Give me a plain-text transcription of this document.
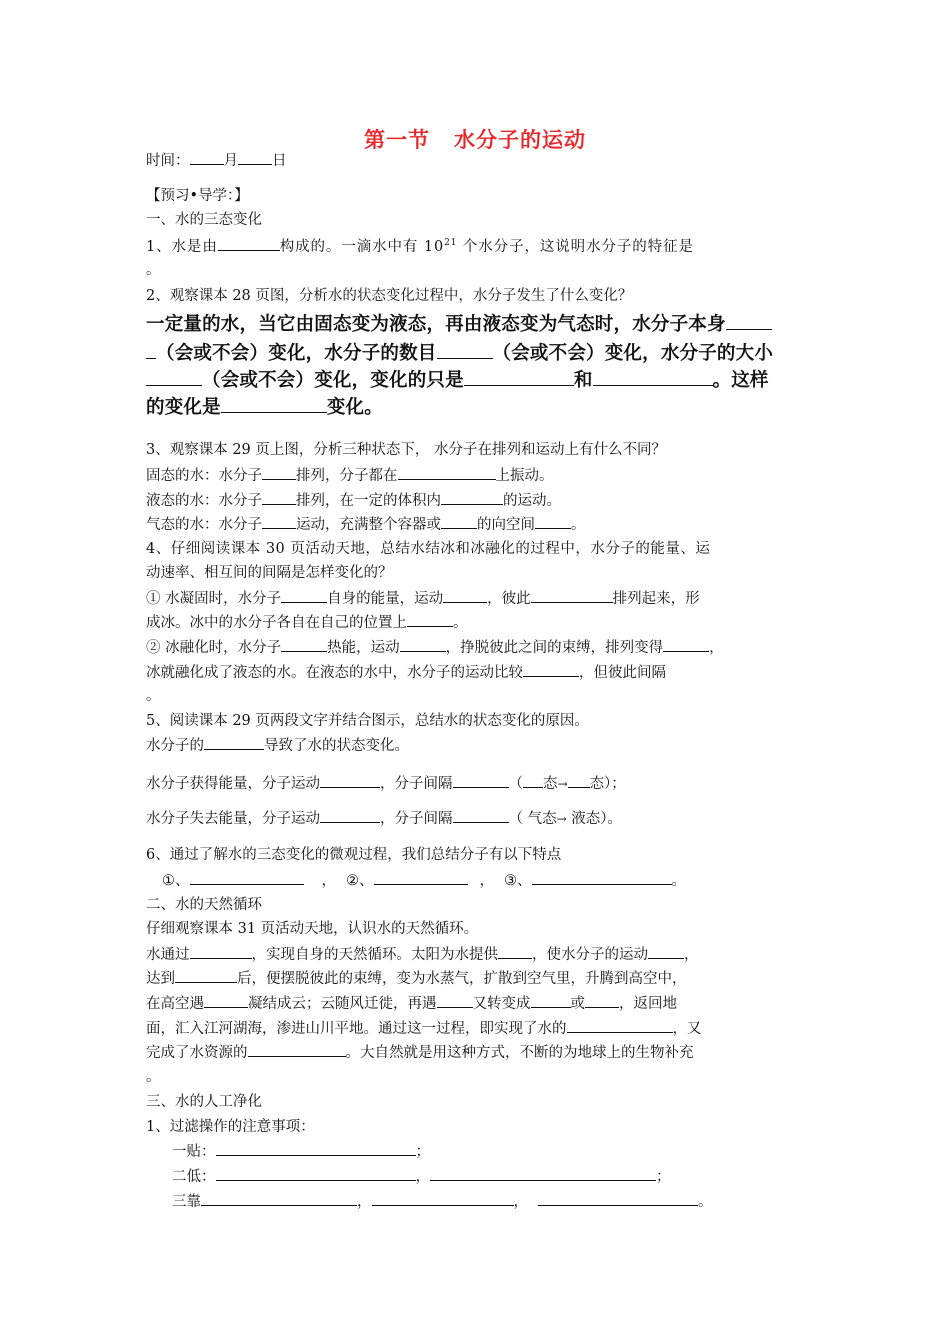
第一节 水分子的运动
时间： 月 日
【预习•导学：】
一、水的三态变化
1、水是由	构成的。一滴水中有 $10^{21}$ 个水分子，这说明水分子的特征是
。
2、观察课本 28 页图，分析水的状态变化过程中，水分子发生了什么变化？
一定量的水，当它由固态变为液态，再由液态变为气态时，水分子本身
（会或不会）变化，水分子的数目	（会或不会）变化，水分子的大小
（会或不会）变化，变化的只是	和	。这样
的变化是	变化。
3、观察课本 29 页上图，分析三种状态下， 水分子在排列和运动上有什么不同？
固态的水：水分子 排列，分子都在	上振动。
液态的水：水分子 排列，在一定的体积内	的运动。
气态的水：水分子 运动，充满整个容器或 的向空间 。
4、仔细阅读课本 30 页活动天地，总结水结冰和冰融化的过程中，水分子的能量、运
动速率、相互间的间隔是怎样变化的？
① 水凝固时，水分子	自身的能量，运动	，彼此	排列起来，形
成冰。冰中的水分子各自在自己的位置上	。
② 冰融化时，水分子	热能，运动	，挣脱彼此之间的束缚，排列变得	，
冰就融化成了液态的水。在液态的水中，水分子的运动比较	，但彼此间隔
。
5、阅读课本 29 页两段文字并结合图示，总结水的状态变化的原因。
水分子的	导致了水的状态变化。
水分子获得能量，分子运动	，分子间隔	（ 态→ 态）；
水分子失去能量，分子运动	，分子间隔	（ 气态→ 液态）。
6、通过了解水的三态变化的微观过程，我们总结分子有以下特点
①、	， ②、	， ③、	。
二、水的天然循环
仔细观察课本 31 页活动天地，认识水的天然循环。
水通过	，实现自身的天然循环。太阳为水提供 ，使水分子的运动 ，
达到	后，便摆脱彼此的束缚，变为水蒸气，扩散到空气里，升腾到高空中，
在高空遇	凝结成云；云随风迁徙，再遇 又转变成	或 ，返回地
面，汇入江河湖海，渗进山川平地。通过这一过程，即实现了水的	，又
完成了水资源的	。大自然就是用这种方式，不断的为地球上的生物补充
。
三、水的人工净化
1、过滤操作的注意事项：
一贴：	；
二低：	，	；
三靠	，	，	。
